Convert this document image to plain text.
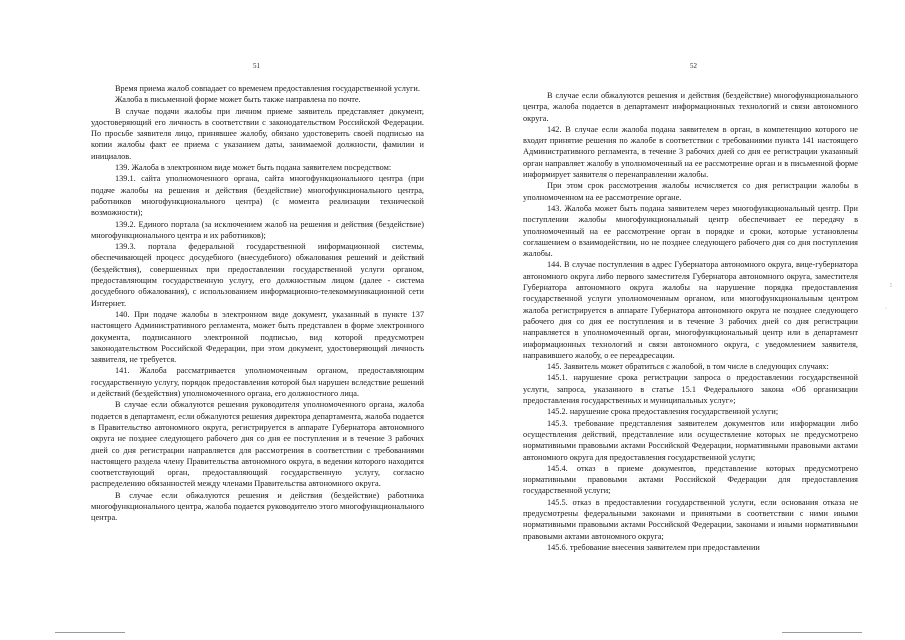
51

Время приема жалоб совпадает со временем предоставления государственной услуги.

Жалоба в письменной форме может быть также направлена по почте.

В случае подачи жалобы при личном приеме заявитель представляет документ, удостоверяющий его личность в соответствии с законодательством Российской Федерации. По просьбе заявителя лицо, принявшее жалобу, обязано удостоверить своей подписью на копии жалобы факт ее приема с указанием даты, занимаемой должности, фамилии и инициалов.

139. Жалоба в электронном виде может быть подана заявителем посредством:

139.1. сайта уполномоченного органа, сайта многофункционального центра (при подаче жалобы на решения и действия (бездействие) многофункционального центра, работников многофункционального центра) (с момента реализации технической возможности);

139.2. Единого портала (за исключением жалоб на решения и действия (бездействие) многофункционального центра и их работников);

139.3. портала федеральной государственной информационной системы, обеспечивающей процесс досудебного (внесудебного) обжалования решений и действий (бездействия), совершенных при предоставлении государственной услуги органом, предоставляющим государственную услугу, его должностным лицом (далее - система досудебного обжалования), с использованием информационно-телекоммуникационной сети Интернет.

140. При подаче жалобы в электронном виде документ, указанный в пункте 137 настоящего Административного регламента, может быть представлен в форме электронного документа, подписанного электронной подписью, вид которой предусмотрен законодательством Российской Федерации, при этом документ, удостоверяющий личность заявителя, не требуется.

141. Жалоба рассматривается уполномоченным органом, предоставляющим государственную услугу, порядок предоставления которой был нарушен вследствие решений и действий (бездействия) уполномоченного органа, его должностного лица.

В случае если обжалуются решения руководителя уполномоченного органа, жалоба подается в департамент, если обжалуются решения директора департамента, жалоба подается в Правительство автономного округа, регистрируется в аппарате Губернатора автономного округа не позднее следующего рабочего дня со дня ее поступления и в течение 3 рабочих дней со дня регистрации направляется для рассмотрения в соответствии с требованиями настоящего раздела члену Правительства автономного округа, в ведении которого находится соответствующий орган, предоставляющий государственную услугу, согласно распределению обязанностей между членами Правительства автономного округа.

В случае если обжалуются решения и действия (бездействие) работника многофункционального центра, жалоба подается руководителю этого многофункционального центра.

52

В случае если обжалуются решения и действия (бездействие) многофункционального центра, жалоба подается в департамент информационных технологий и связи автономного округа.

142. В случае если жалоба подана заявителем в орган, в компетенцию которого не входит принятие решения по жалобе в соответствии с требованиями пункта 141 настоящего Административного регламента, в течение 3 рабочих дней со дня ее регистрации указанный орган направляет жалобу в уполномоченный на ее рассмотрение орган и в письменной форме информирует заявителя о перенаправлении жалобы.

При этом срок рассмотрения жалобы исчисляется со дня регистрации жалобы в уполномоченном на ее рассмотрение органе.

143. Жалоба может быть подана заявителем через многофункциональный центр. При поступлении жалобы многофункциональный центр обеспечивает ее передачу в уполномоченный на ее рассмотрение орган в порядке и сроки, которые установлены соглашением о взаимодействии, но не позднее следующего рабочего дня со дня поступления жалобы.

144. В случае поступления в адрес Губернатора автономного округа, вице-губернатора автономного округа либо первого заместителя Губернатора автономного округа, заместителя Губернатора автономного округа жалобы на нарушение порядка предоставления государственной услуги уполномоченным органом, или многофункциональным центром жалоба регистрируется в аппарате Губернатора автономного округа не позднее следующего рабочего дня со дня ее поступления и в течение 3 рабочих дней со дня регистрации направляется в уполномоченный орган, многофункциональный центр или в департамент информационных технологий и связи автономного округа, с уведомлением заявителя, направившего жалобу, о ее переадресации.

145. Заявитель может обратиться с жалобой, в том числе в следующих случаях:

145.1. нарушение срока регистрации запроса о предоставлении государственной услуги, запроса, указанного в статье 15.1 Федерального закона «Об организации предоставления государственных и муниципальных услуг»;

145.2. нарушение срока предоставления государственной услуги;

145.3. требование представления заявителем документов или информации либо осуществления действий, представление или осуществление которых не предусмотрено нормативными правовыми актами Российской Федерации, нормативными правовыми актами автономного округа для предоставления государственной услуги;

145.4. отказ в приеме документов, представление которых предусмотрено нормативными правовыми актами Российской Федерации для предоставления государственной услуги;

145.5. отказ в предоставлении государственной услуги, если основания отказа не предусмотрены федеральными законами и принятыми в соответствии с ними иными нормативными правовыми актами Российской Федерации, законами и иными нормативными правовыми актами автономного округа;

145.6. требование внесения заявителем при предоставлении

⁝
·
